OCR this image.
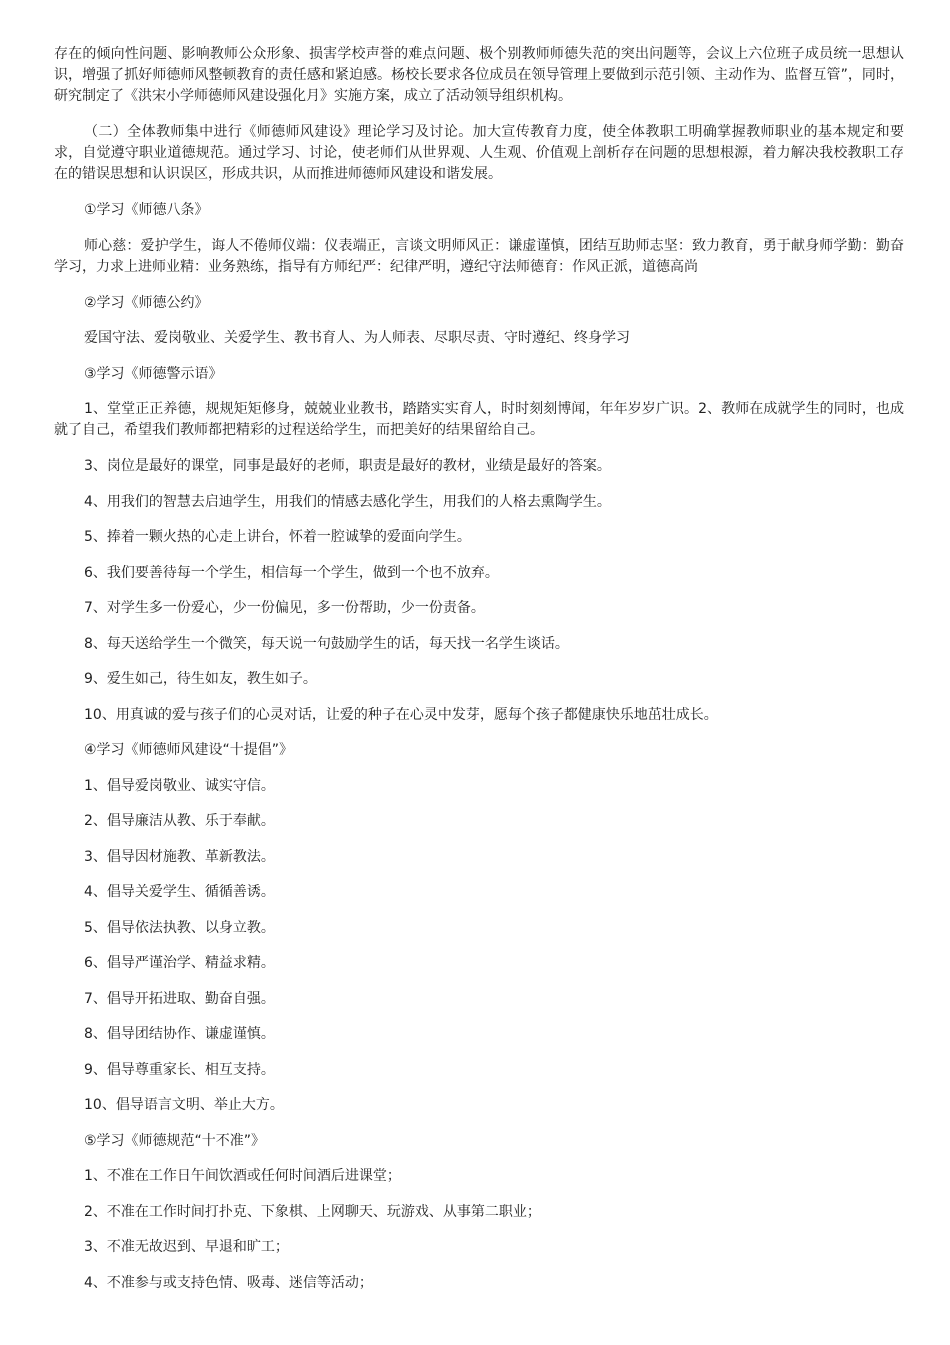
存在的倾向性问题、影响教师公众形象、损害学校声誉的难点问题、极个别教师师德失范的突出问题等，会议上六位班子成员统一思想认识，增强了抓好师德师风整顿教育的责任感和紧迫感。杨校长要求各位成员在领导管理上要做到示范引领、主动作为、监督互管”，同时，研究制定了《洪宋小学师德师风建设强化月》实施方案，成立了活动领导组织机构。

（二）全体教师集中进行《师德师风建设》理论学习及讨论。加大宣传教育力度，使全体教职工明确掌握教师职业的基本规定和要求，自觉遵守职业道德规范。通过学习、讨论，使老师们从世界观、人生观、价值观上剖析存在问题的思想根源，着力解决我校教职工存在的错误思想和认识误区，形成共识，从而推进师德师风建设和谐发展。

①学习《师德八条》

师心慈：爱护学生，诲人不倦师仪端：仪表端正，言谈文明师风正：谦虚谨慎，团结互助师志坚：致力教育，勇于献身师学勤：勤奋学习，力求上进师业精：业务熟练，指导有方师纪严：纪律严明，遵纪守法师德育：作风正派，道德高尚

②学习《师德公约》

爱国守法、爱岗敬业、关爱学生、教书育人、为人师表、尽职尽责、守时遵纪、终身学习

③学习《师德警示语》

1、堂堂正正养德，规规矩矩修身，兢兢业业教书，踏踏实实育人，时时刻刻博闻，年年岁岁广识。2、教师在成就学生的同时，也成就了自己，希望我们教师都把精彩的过程送给学生，而把美好的结果留给自己。

3、岗位是最好的课堂，同事是最好的老师，职责是最好的教材，业绩是最好的答案。

4、用我们的智慧去启迪学生，用我们的情感去感化学生，用我们的人格去熏陶学生。

5、捧着一颗火热的心走上讲台，怀着一腔诚挚的爱面向学生。

6、我们要善待每一个学生，相信每一个学生，做到一个也不放弃。

7、对学生多一份爱心，少一份偏见，多一份帮助，少一份责备。

8、每天送给学生一个微笑，每天说一句鼓励学生的话，每天找一名学生谈话。

9、爱生如己，待生如友，教生如子。

10、用真诚的爱与孩子们的心灵对话，让爱的种子在心灵中发芽，愿每个孩子都健康快乐地茁壮成长。

④学习《师德师风建设“十提倡”》

1、倡导爱岗敬业、诚实守信。

2、倡导廉洁从教、乐于奉献。

3、倡导因材施教、革新教法。

4、倡导关爱学生、循循善诱。

5、倡导依法执教、以身立教。

6、倡导严谨治学、精益求精。

7、倡导开拓进取、勤奋自强。

8、倡导团结协作、谦虚谨慎。

9、倡导尊重家长、相互支持。

10、倡导语言文明、举止大方。

⑤学习《师德规范“十不准”》

1、不准在工作日午间饮酒或任何时间酒后进课堂；

2、不准在工作时间打扑克、下象棋、上网聊天、玩游戏、从事第二职业；

3、不准无故迟到、早退和旷工；

4、不准参与或支持色情、吸毒、迷信等活动；
